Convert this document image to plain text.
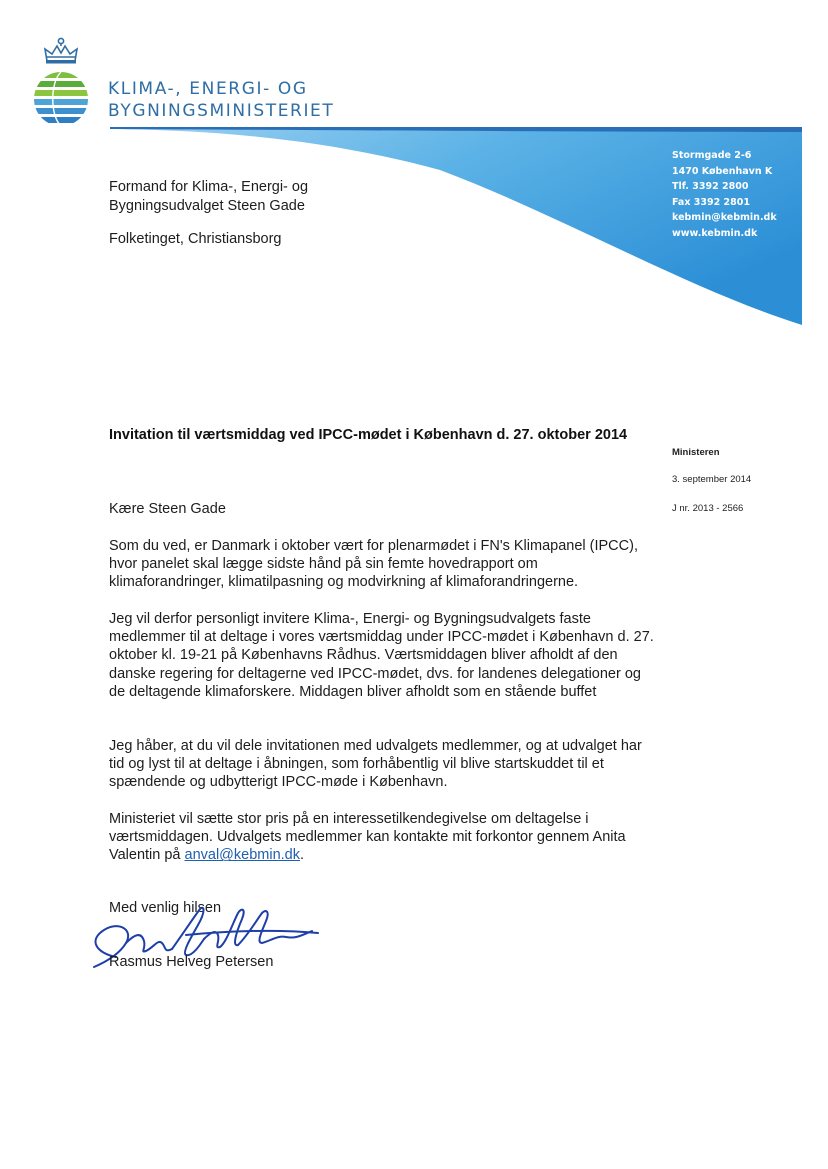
KLIMA-, ENERGI- OG
BYGNINGSMINISTERIET
Stormgade 2-6
1470 København K
Tlf. 3392 2800
Fax 3392 2801
kebmin@kebmin.dk
www.kebmin.dk

Formand for Klima-, Energi- og

Bygningsudvalget Steen Gade

Folketinget, Christiansborg

Invitation til værtsmiddag ved IPCC-mødet i København d. 27. oktober 2014
Ministeren
3. september 2014
J nr. 2013 - 2566
Kære Steen Gade
Som du ved, er Danmark i oktober vært for plenarmødet i FN's Klimapanel (IPCC), hvor panelet skal lægge sidste hånd på sin femte hovedrapport om klimaforandringer, klimatilpasning og modvirkning af klimaforandringerne.
Jeg vil derfor personligt invitere Klima-, Energi- og Bygningsudvalgets faste medlemmer til at deltage i vores værtsmiddag under IPCC-mødet i København d. 27. oktober kl. 19-21 på Københavns Rådhus. Værtsmiddagen bliver afholdt af den danske regering for deltagerne ved IPCC-mødet, dvs. for landenes delegationer og de deltagende klimaforskere. Middagen bliver afholdt som en stående buffet
Jeg håber, at du vil dele invitationen med udvalgets medlemmer, og at udvalget har tid og lyst til at deltage i åbningen, som forhåbentlig vil blive startskuddet til et spændende og udbytterigt IPCC-møde i København.
Ministeriet vil sætte stor pris på en interessetilkendegivelse om deltagelse i værtsmiddagen. Udvalgets medlemmer kan kontakte mit forkontor gennem Anita Valentin på anval@kebmin.dk.
Med venlig hilsen
Rasmus Helveg Petersen
